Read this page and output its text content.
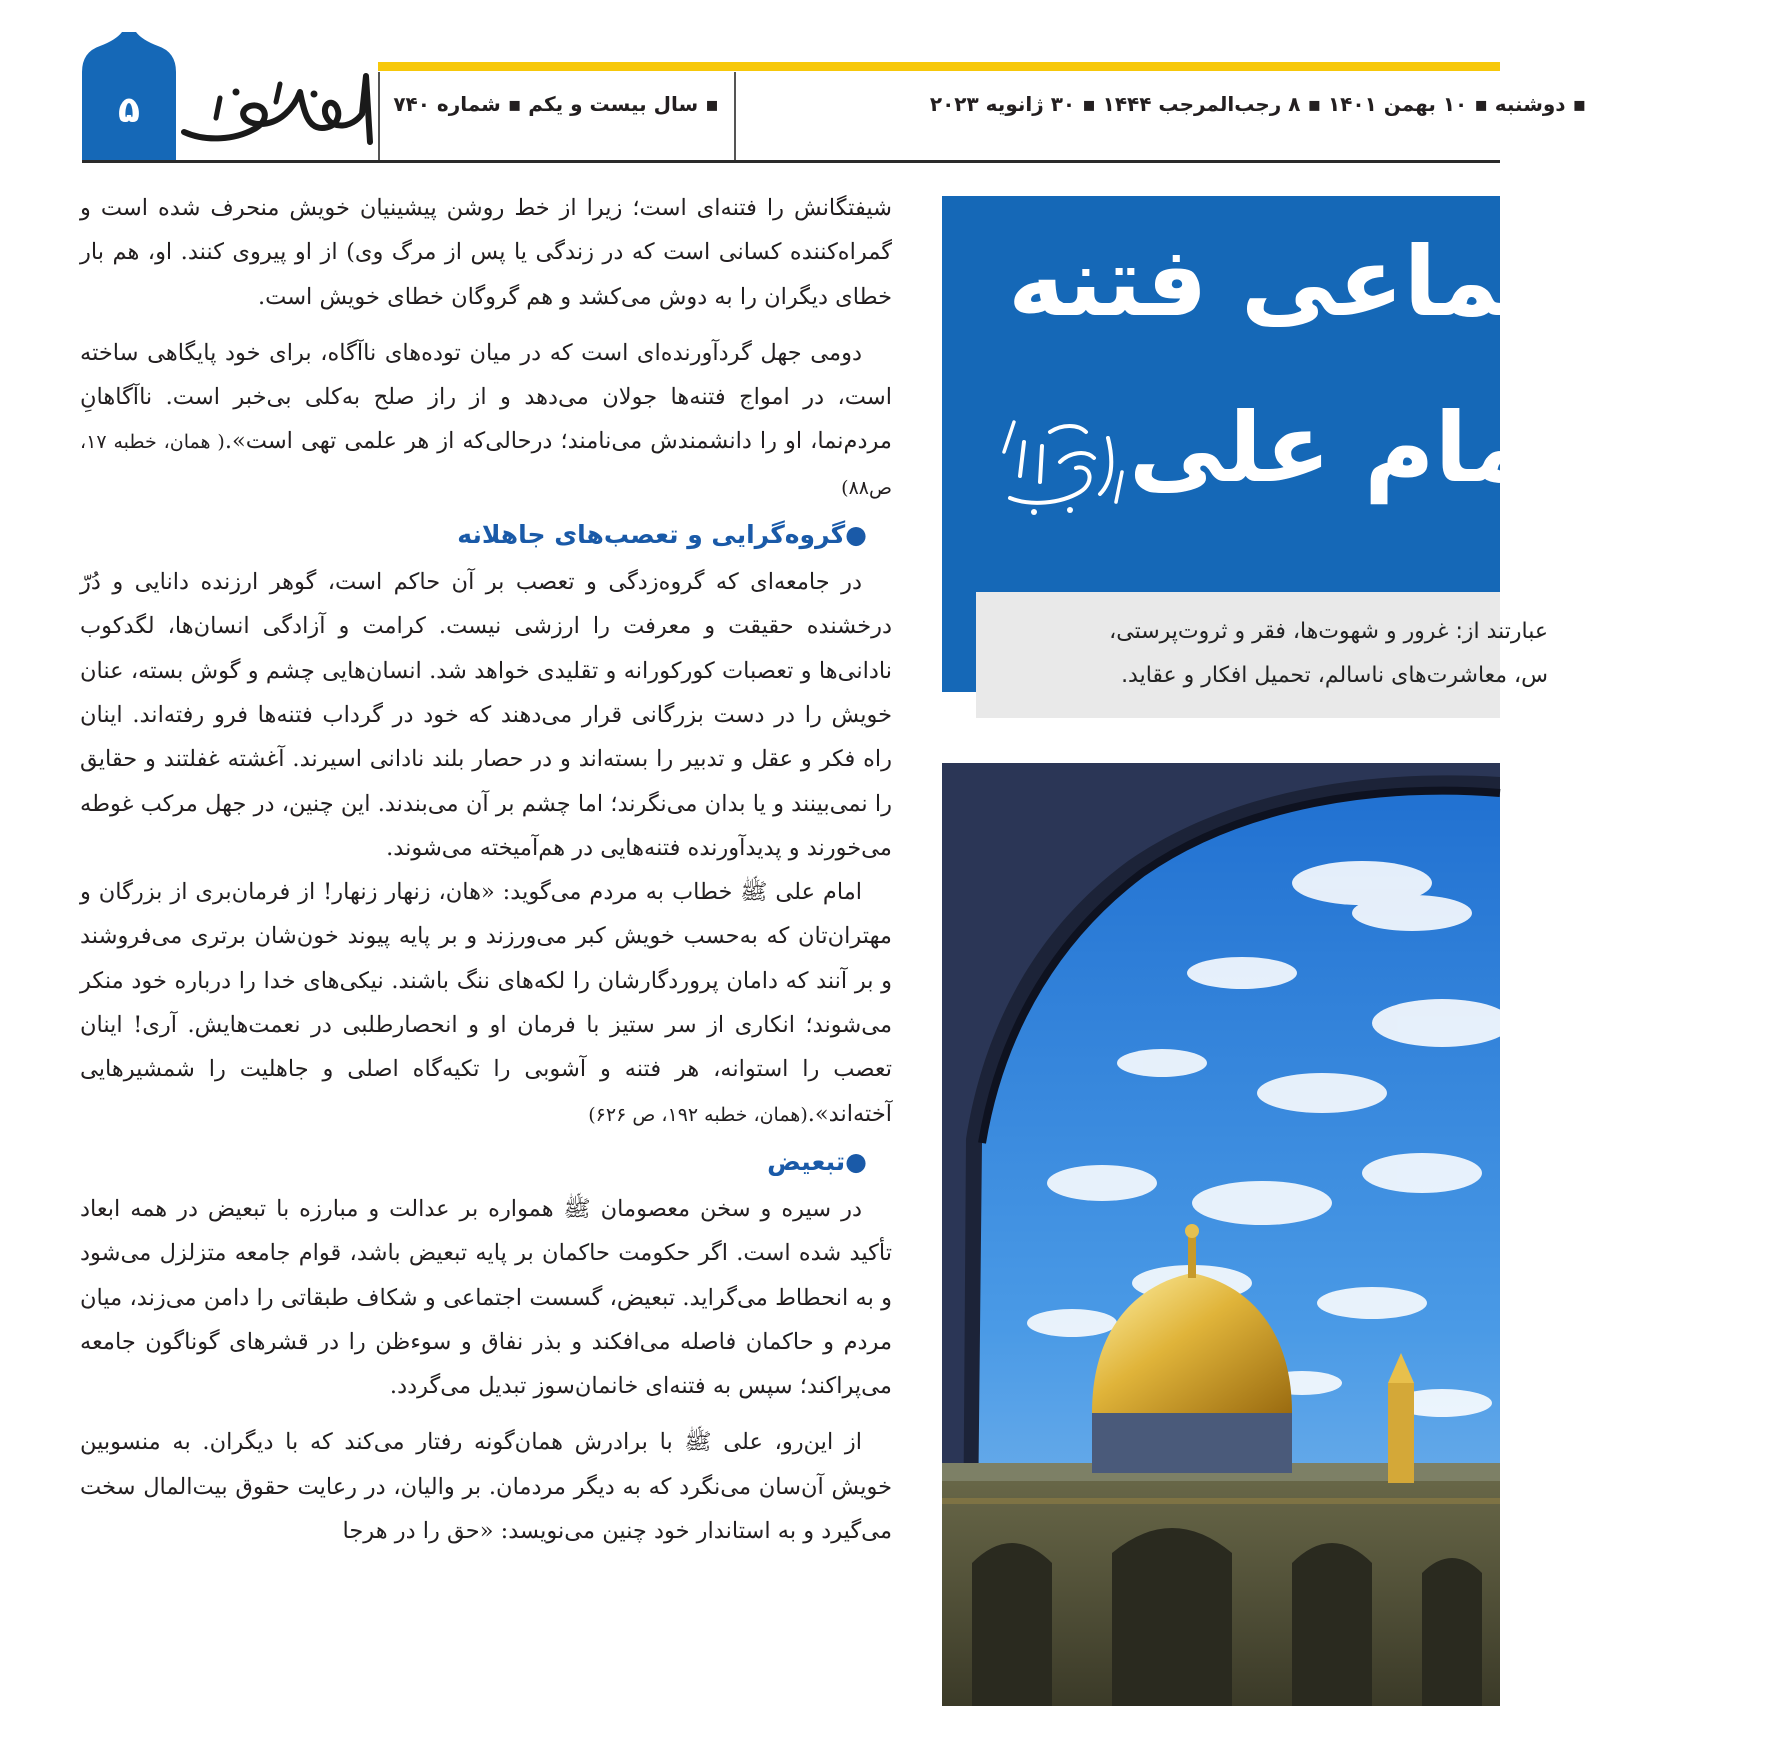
۵	▪ سال بیست و یکم ▪ شماره ۷۴۰	▪ دوشنبه ▪ ۱۰ بهمن ۱۴۰۱ ▪ ۸ رجب‌المرجب ۱۴۴۴ ▪ ۳۰ ژانویه ۲۰۲۳

شیفتگانش را فتنه‌ای است؛ زیرا از خط روشن پیشینیان خویش منحرف شده است و گمراه‌کننده کسانی است که در زندگی یا پس از مرگ وی) از او پیروی کنند. او، هم بار خطای دیگران را به دوش می‌کشد و هم گروگان خطای خویش است.

دومی جهل گردآورنده‌ای است که در میان توده‌های ناآگاه، برای خود پایگاهی ساخته است، در امواج فتنه‌ها جولان می‌دهد و از راز صلح به‌کلی بی‌خبر است. ناآگاهانِ مردم‌نما، او را دانشمندش می‌نامند؛ درحالی‌که از هر علمی تهی است».( همان، خطبه ۱۷، ص۸۸)

●گروه‌گرایی و تعصب‌های جاهلانه

در جامعه‌ای که گروه‌زدگی و تعصب بر آن حاکم است، گوهر ارزنده دانایی و دُرّ درخشنده حقیقت و معرفت را ارزشی نیست. کرامت و آزادگی انسان‌ها، لگدکوب نادانی‌ها و تعصبات کورکورانه و تقلیدی خواهد شد. انسان‌هایی چشم و گوش بسته، عنان خویش را در دست بزرگانی قرار می‌دهند که خود در گرداب فتنه‌ها فرو رفته‌اند. اینان راه فکر و عقل و تدبیر را بسته‌اند و در حصار بلند نادانی اسیرند. آغشته غفلتند و حقایق را نمی‌بینند و یا بدان می‌نگرند؛ اما چشم بر آن می‌بندند. این چنین، در جهل مرکب غوطه می‌خورند و پدیدآورنده فتنه‌هایی در هم‌آمیخته می‌شوند.

امام علی ﷺ خطاب به مردم می‌گوید: «هان، زنهار زنهار! از فرمان‌بری از بزرگان و مهتران‌تان که به‌حسب خویش کبر می‌ورزند و بر پایه پیوند خون‌شان برتری می‌فروشند و بر آنند که دامان پروردگارشان را لکه‌های ننگ باشند. نیکی‌های خدا را درباره خود منکر می‌شوند؛ انکاری از سر ستیز با فرمان او و انحصارطلبی در نعمت‌هایش. آری! اینان تعصب را استوانه، هر فتنه و آشوبی را تکیه‌گاه اصلی و جاهلیت را شمشیرهایی آخته‌اند».(همان، خطبه ۱۹۲، ص ۶۲۶)

●تبعیض

در سیره و سخن معصومان ﷺ همواره بر عدالت و مبارزه با تبعیض در همه ابعاد تأکید شده است. اگر حکومت حاکمان بر پایه تبعیض باشد، قوام جامعه متزلزل می‌شود و به انحطاط می‌گراید. تبعیض، گسست اجتماعی و شکاف طبقاتی را دامن می‌زند، میان مردم و حاکمان فاصله می‌افکند و بذر نفاق و سوءظن را در قشرهای گوناگون جامعه می‌پراکند؛ سپس به فتنه‌ای خانمان‌سوز تبدیل می‌گردد.

از این‌رو، علی ﷺ با برادرش همان‌گونه رفتار می‌کند که با دیگران. به منسوبین خویش آن‌سان می‌نگرد که به دیگر مردمان. بر والیان، در رعایت حقوق بیت‌المال سخت می‌گیرد و به استاندار خود چنین می‌نویسد: «حق را در هرجا

تماعی فتنه
مام علی
عبارتند از: غرور و شهوت‌ها، فقر و ثروت‌پرستی،
س، معاشرت‌های ناسالم، تحمیل افکار و عقاید.
